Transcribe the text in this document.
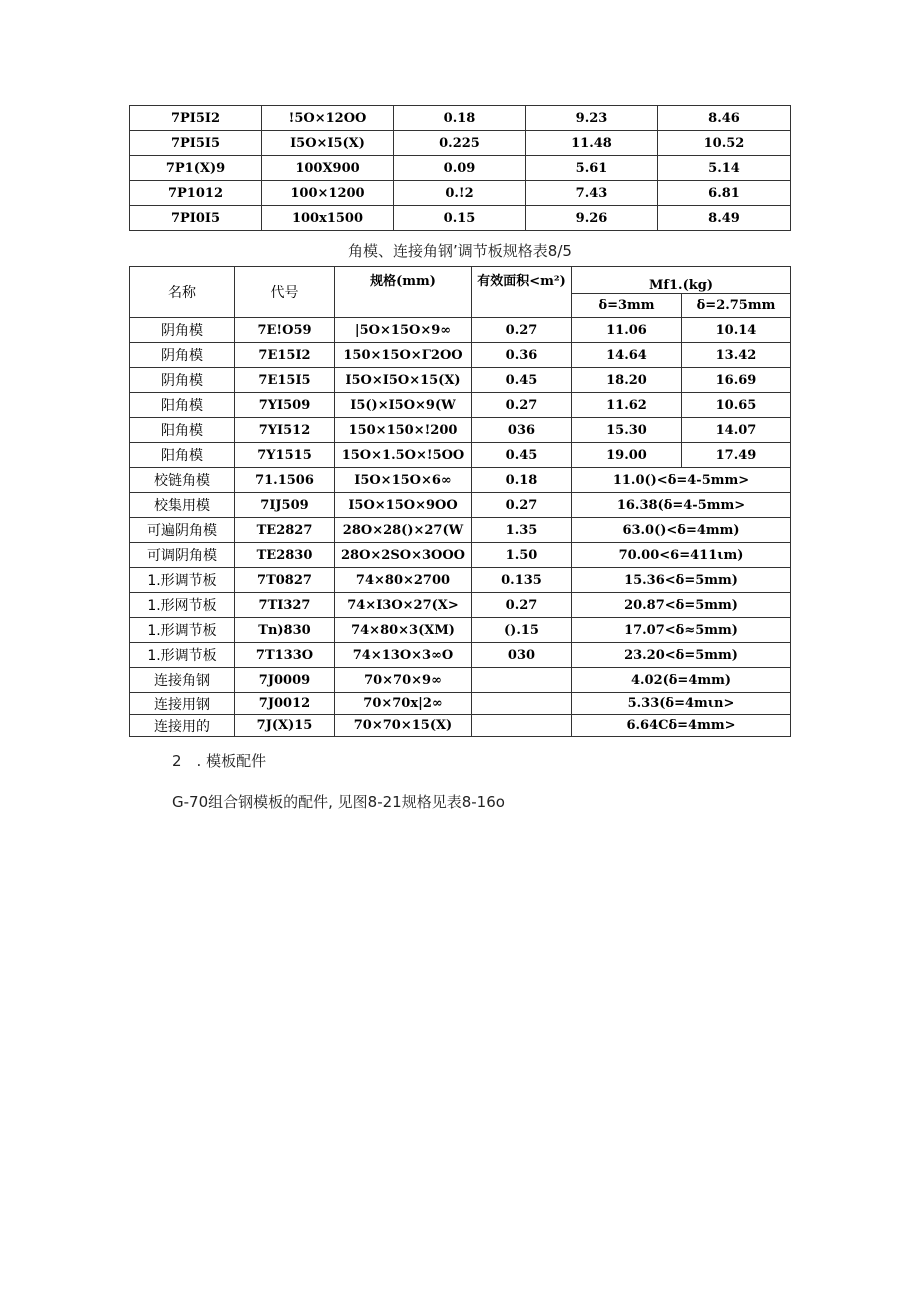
7PI5I2	!5O×12OO	0.18	9.23	8.46
7PI5I5	I5O×I5(X)	0.225	11.48	10.52
7P1(X)9	100X900	0.09	5.61	5.14
7P1012	100×1200	0.!2	7.43	6.81
7PI0I5	100x1500	0.15	9.26	8.49
角模、连接角钢’调节板规格表8/5
名称	代号	规格(mm)	有效面积<m²)	Mf1.(kg)	
				δ=3mm	δ=2.75mm
阴角模	7E!O59	|5O×15O×9∞	0.27	11.06	10.14
阴角模	7E15I2	150×15O×Γ2OO	0.36	14.64	13.42
阴角模	7E15I5	I5O×I5O×15(X)	0.45	18.20	16.69
阳角模	7YI509	I5()×I5O×9(W	0.27	11.62	10.65
阳角模	7YI512	150×150×!200	036	15.30	14.07
阳角模	7Y1515	15O×1.5O×!5OO	0.45	19.00	17.49
校链角模	71.1506	I5O×15O×6∞	0.18	11.0()<δ=4-5mm>	
校集用模	7IJ509	I5O×15O×9OO	0.27	16.38(δ=4-5mm>	
可遍阴角模	TE2827	28O×28()×27(W	1.35	63.0()<δ=4mm)	
可调阴角模	TE2830	28O×2SO×3OOO	1.50	70.00<6=411ιm)	
1.形调节板	7T0827	74×80×2700	0.135	15.36<δ=5mm)	
1.形网节板	7TI327	74×I3O×27(X>	0.27	20.87<δ=5mm)	
1.形调节板	Tn)830	74×80×3(XM)	().15	17.07<δ≈5mm)	
1.形调节板	7T133O	74×13O×3∞O	030	23.20<δ=5mm)	
连接角钢	7J0009	70×70×9∞		4.02(δ=4mm)	
连接用钢	7J0012	70×70x|2∞		5.33(δ=4mιn>	
连接用的	7J(X)15	70×70×15(X)		6.64Cδ=4mm>	
2　. 模板配件
G-70组合钢模板的配件, 见图8-21规格见表8-16o
